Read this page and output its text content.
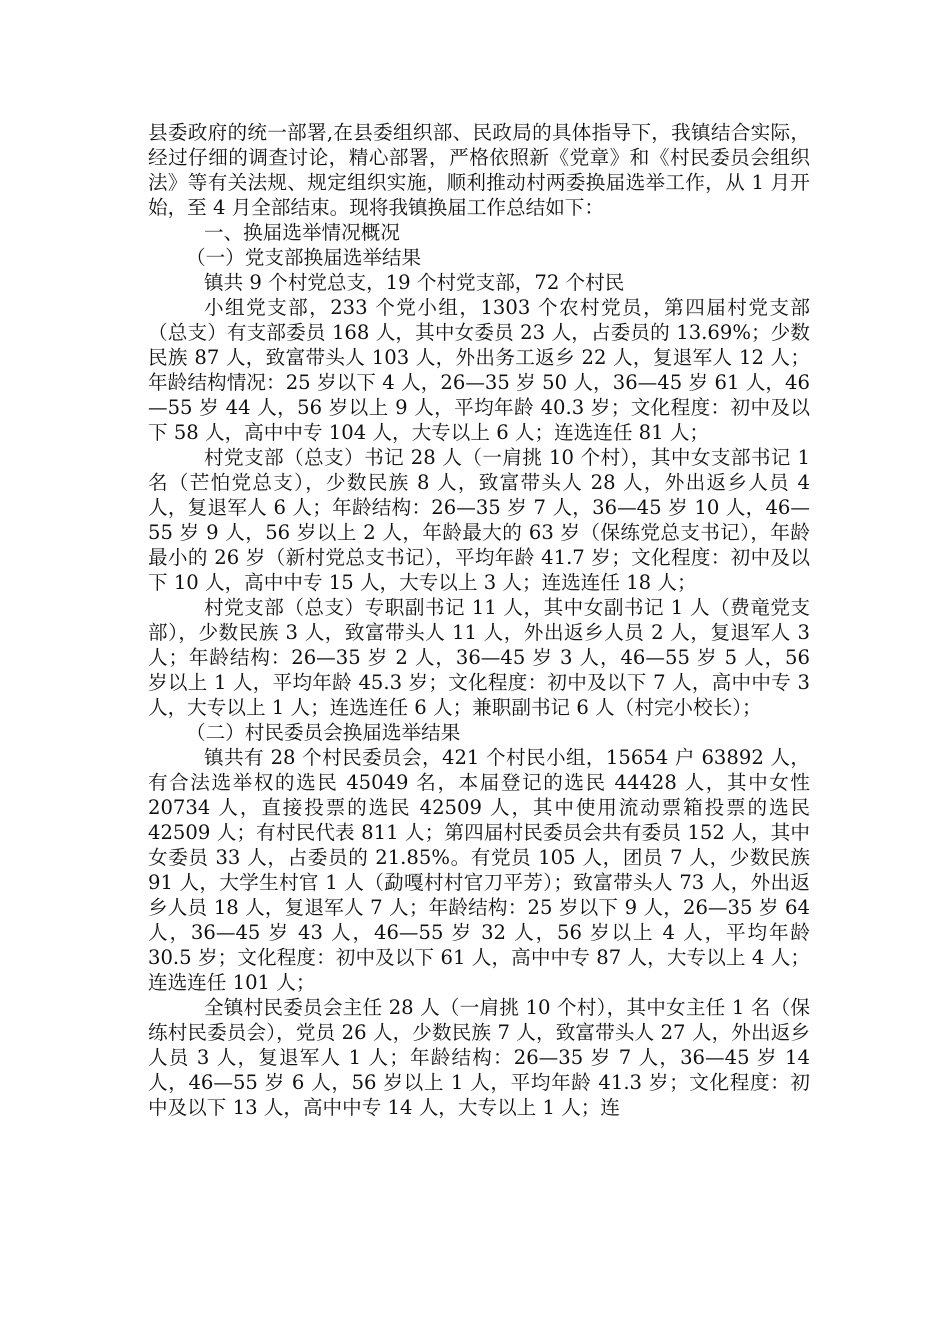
县委政府的统一部署,在县委组织部、民政局的具体指导下，我镇结合实际，经过仔细的调查讨论，精心部署，严格依照新《党章》和《村民委员会组织法》等有关法规、规定组织实施，顺利推动村两委换届选举工作，从 1 月开始，至 4 月全部结束。现将我镇换届工作总结如下：

一、换届选举情况概况

（一）党支部换届选举结果

镇共 9 个村党总支，19 个村党支部，72 个村民

小组党支部，233 个党小组，1303 个农村党员，第四届村党支部（总支）有支部委员 168 人，其中女委员 23 人，占委员的 13.69%；少数民族 87 人，致富带头人 103 人，外出务工返乡 22 人，复退军人 12 人；年龄结构情况：25 岁以下 4 人，26—35 岁 50 人，36—45 岁 61 人，46—55 岁 44 人，56 岁以上 9 人，平均年龄 40.3 岁；文化程度：初中及以下 58 人，高中中专 104 人，大专以上 6 人；连选连任 81 人；

村党支部（总支）书记 28 人（一肩挑 10 个村），其中女支部书记 1 名（芒怕党总支），少数民族 8 人，致富带头人 28 人，外出返乡人员 4 人，复退军人 6 人；年龄结构：26—35 岁 7 人，36—45 岁 10 人，46—55 岁 9 人，56 岁以上 2 人，年龄最大的 63 岁（保练党总支书记），年龄最小的 26 岁（新村党总支书记），平均年龄 41.7 岁；文化程度：初中及以下 10 人，高中中专 15 人，大专以上 3 人；连选连任 18 人；

村党支部（总支）专职副书记 11 人，其中女副书记 1 人（费竜党支部），少数民族 3 人，致富带头人 11 人，外出返乡人员 2 人，复退军人 3 人；年龄结构：26—35 岁 2 人，36—45 岁 3 人，46—55 岁 5 人，56 岁以上 1 人，平均年龄 45.3 岁；文化程度：初中及以下 7 人，高中中专 3 人，大专以上 1 人；连选连任 6 人；兼职副书记 6 人（村完小校长）；

（二）村民委员会换届选举结果

镇共有 28 个村民委员会，421 个村民小组，15654 户 63892 人，有合法选举权的选民 45049 名，本届登记的选民 44428 人，其中女性 20734 人，直接投票的选民 42509 人，其中使用流动票箱投票的选民 42509 人；有村民代表 811 人；第四届村民委员会共有委员 152 人，其中女委员 33 人，占委员的 21.85%。有党员 105 人，团员 7 人，少数民族 91 人，大学生村官 1 人（勐嘎村村官刀平芳）；致富带头人 73 人，外出返乡人员 18 人，复退军人 7 人；年龄结构：25 岁以下 9 人，26—35 岁 64 人，36—45 岁 43 人，46—55 岁 32 人，56 岁以上 4 人，平均年龄 30.5 岁；文化程度：初中及以下 61 人，高中中专 87 人，大专以上 4 人；连选连任 101 人；

全镇村民委员会主任 28 人（一肩挑 10 个村），其中女主任 1 名（保练村民委员会），党员 26 人，少数民族 7 人，致富带头人 27 人，外出返乡人员 3 人，复退军人 1 人；年龄结构：26—35 岁 7 人，36—45 岁 14 人，46—55 岁 6 人，56 岁以上 1 人，平均年龄 41.3 岁；文化程度：初中及以下 13 人，高中中专 14 人，大专以上 1 人；连
